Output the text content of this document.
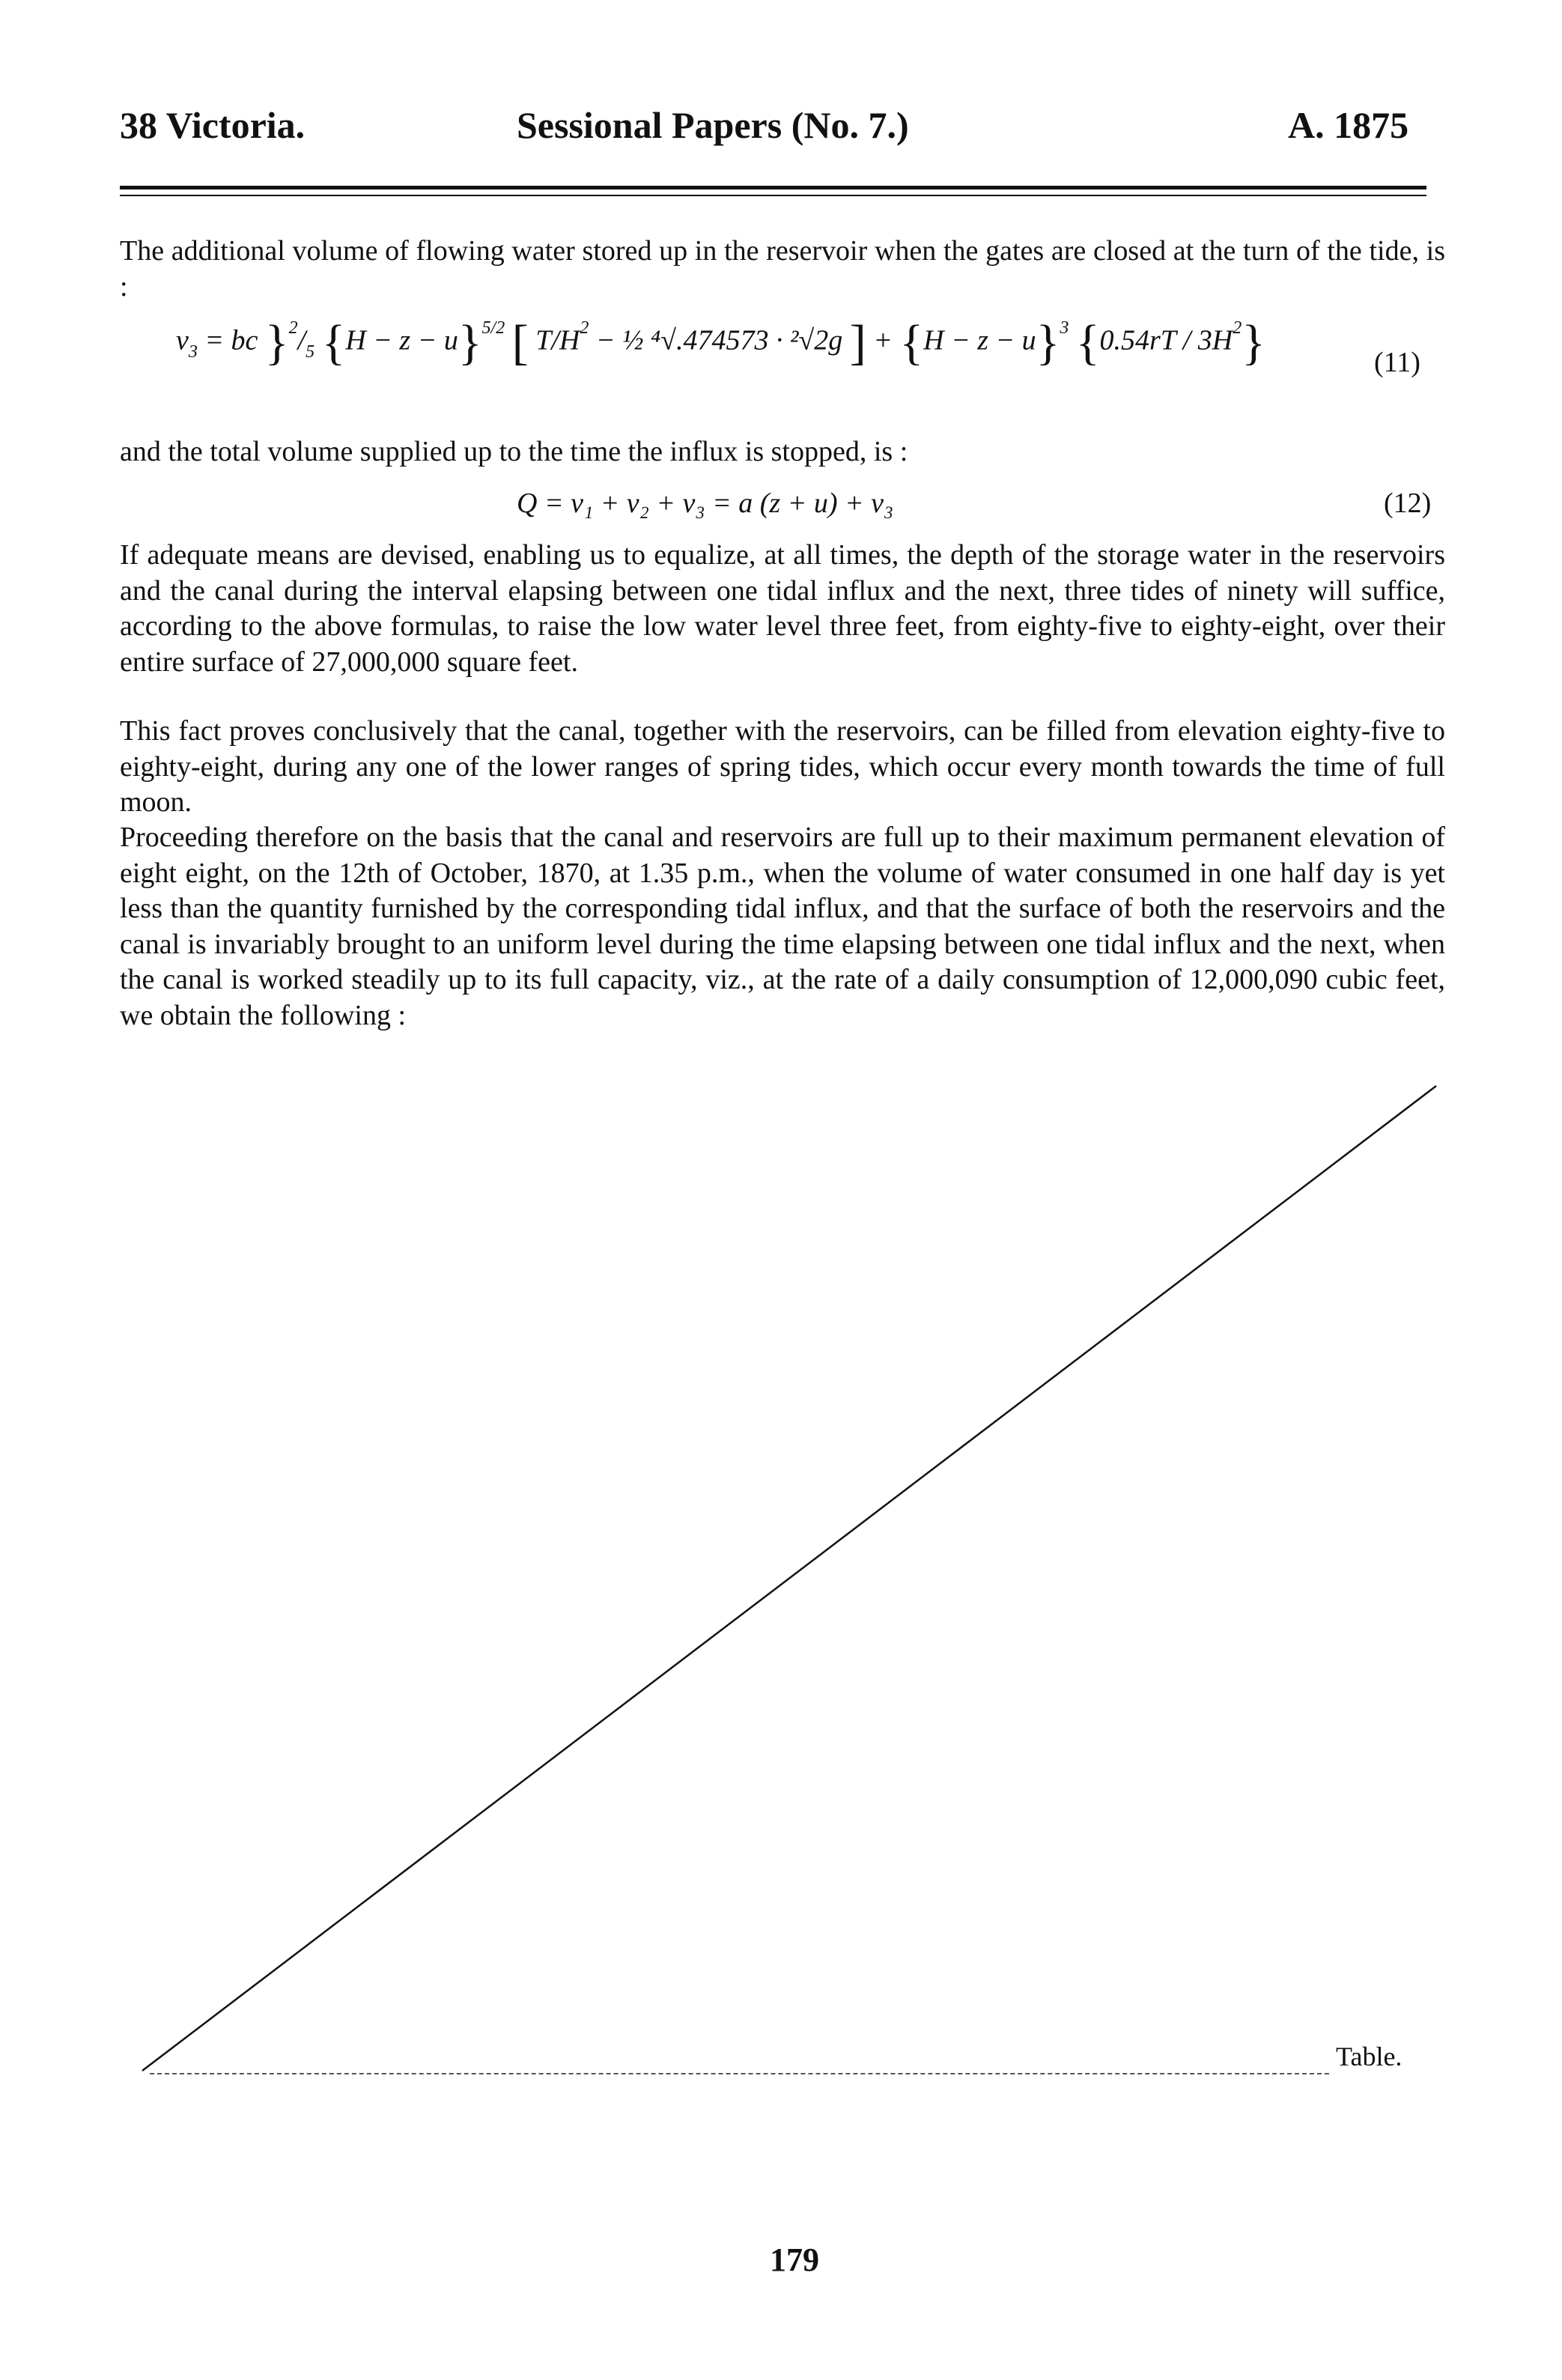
38 Victoria.	Sessional Papers (No. 7.)	A. 1875

The additional volume of flowing water stored up in the reservoir when the gates are closed at the turn of the tide, is :

$v_3$ = bc }$^2/_5$ $\{H - z - u\}^{5/2}$ [ $T/H^2$ − ½ ⁴√.474573 · ²√2g ] + $\{H - z - u\}^3$ $\{0.54rT / 3H^2\}$	(11)

and the total volume supplied up to the time the influx is stopped, is :

Q = v₁ + v₂ + v₃ = a (z + u) + v₃	(12)

If adequate means are devised, enabling us to equalize, at all times, the depth of the storage water in the reservoirs and the canal during the interval elapsing between one tidal influx and the next, three tides of ninety will suffice, according to the above formulas, to raise the low water level three feet, from eighty-five to eighty-eight, over their entire surface of 27,000,000 square feet.

This fact proves conclusively that the canal, together with the reservoirs, can be filled from elevation eighty-five to eighty-eight, during any one of the lower ranges of spring tides, which occur every month towards the time of full moon.

Proceeding therefore on the basis that the canal and reservoirs are full up to their maximum permanent elevation of eight eight, on the 12th of October, 1870, at 1.35 p.m., when the volume of water consumed in one half day is yet less than the quantity furnished by the corresponding tidal influx, and that the surface of both the reservoirs and the canal is invariably brought to an uniform level during the time elapsing between one tidal influx and the next, when the canal is worked steadily up to its full capacity, viz., at the rate of a daily consumption of 12,000,090 cubic feet, we obtain the following :

Table.
179
